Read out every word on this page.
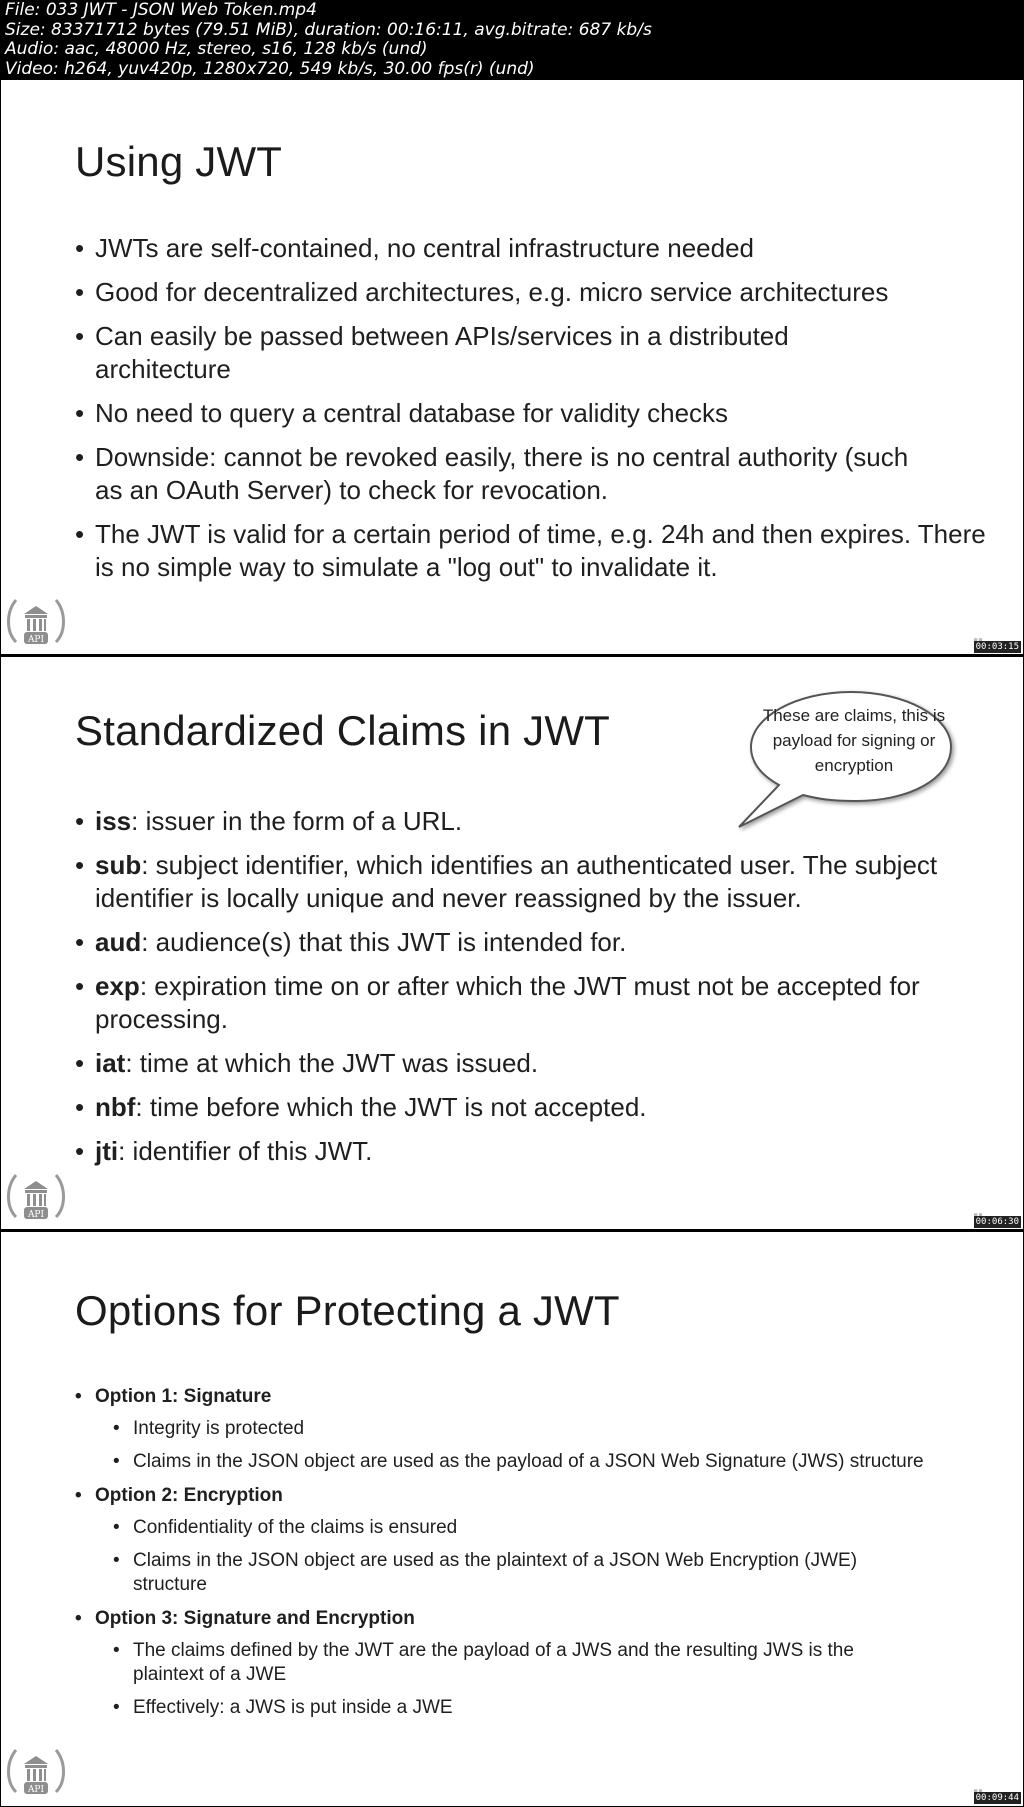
File: 033 JWT - JSON Web Token.mp4
Size: 83371712 bytes (79.51 MiB), duration: 00:16:11, avg.bitrate: 687 kb/s
Audio: aac, 48000 Hz, stereo, s16, 128 kb/s (und)
Video: h264, yuv420p, 1280x720, 549 kb/s, 30.00 fps(r) (und)
Using JWT
• JWTs are self-contained, no central infrastructure needed
• Good for decentralized architectures, e.g. micro service architectures
• Can easily be passed between APIs/services in a distributed architecture
• No need to query a central database for validity checks
• Downside: cannot be revoked easily, there is no central authority (such as an OAuth Server) to check for revocation.
• The JWT is valid for a certain period of time, e.g. 24h and then expires. There is no simple way to simulate a "log out" to invalidate it.
API
00:03:15
Standardized Claims in JWT	These are claims, this is payload for signing or encryption
• iss: issuer in the form of a URL.
• sub: subject identifier, which identifies an authenticated user. The subject identifier is locally unique and never reassigned by the issuer.
• aud: audience(s) that this JWT is intended for.
• exp: expiration time on or after which the JWT must not be accepted for processing.
• iat: time at which the JWT was issued.
• nbf: time before which the JWT is not accepted.
• jti: identifier of this JWT.
API
00:06:30
Options for Protecting a JWT
• Option 1: Signature
• Integrity is protected
• Claims in the JSON object are used as the payload of a JSON Web Signature (JWS) structure
• Option 2: Encryption
• Confidentiality of the claims is ensured
• Claims in the JSON object are used as the plaintext of a JSON Web Encryption (JWE) structure
• Option 3: Signature and Encryption
• The claims defined by the JWT are the payload of a JWS and the resulting JWS is the plaintext of a JWE
• Effectively: a JWS is put inside a JWE
API
00:09:44
